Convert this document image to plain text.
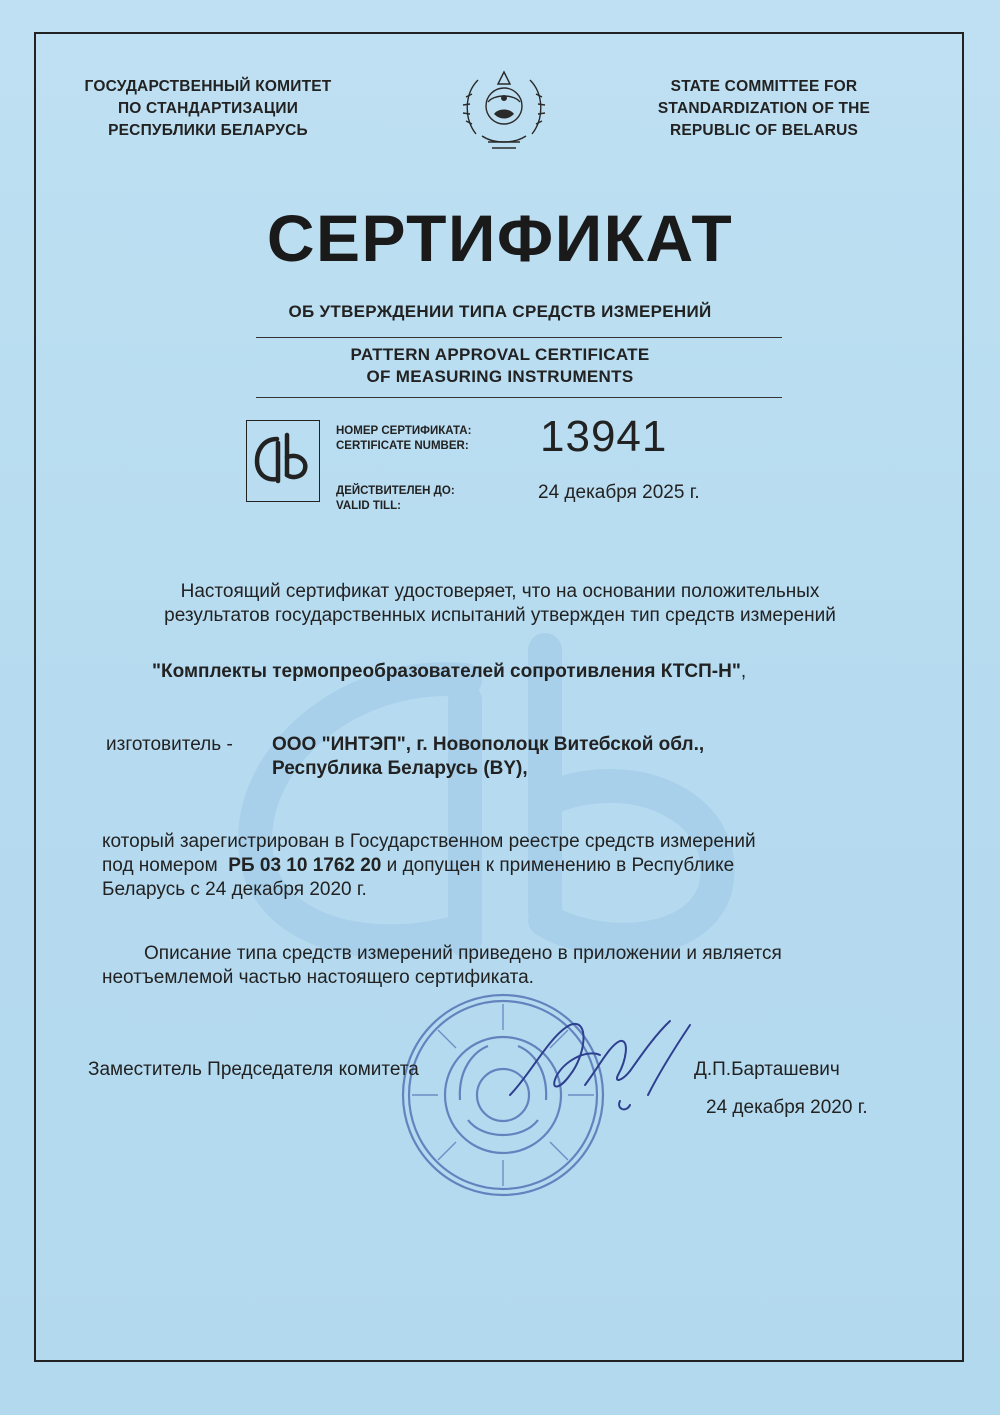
ГОСУДАРСТВЕННЫЙ КОМИТЕТ
ПО СТАНДАРТИЗАЦИИ
РЕСПУБЛИКИ БЕЛАРУСЬ
STATE COMMITTEE FOR
STANDARDIZATION OF THE
REPUBLIC OF BELARUS
СЕРТИФИКАТ
ОБ УТВЕРЖДЕНИИ ТИПА СРЕДСТВ ИЗМЕРЕНИЙ
PATTERN APPROVAL CERTIFICATE
OF MEASURING INSTRUMENTS
НОМЕР СЕРТИФИКАТА:
CERTIFICATE NUMBER: 13941
ДЕЙСТВИТЕЛЕН ДО:
VALID TILL:
24 декабря 2025 г.
Настоящий сертификат удостоверяет, что на основании положительных
результатов государственных испытаний утвержден тип средств измерений
"Комплекты термопреобразователей сопротивления КТСП-Н",
изготовитель - ООО "ИНТЭП", г. Новополоцк Витебской обл.,
Республика Беларусь (BY),
который зарегистрирован в Государственном реестре средств измерений
под номером РБ 03 10 1762 20 и допущен к применению в Республике
Беларусь с 24 декабря 2020 г.
Описание типа средств измерений приведено в приложении и является
неотъемлемой частью настоящего сертификата.
Заместитель Председателя комитета	Д.П.Барташевич
24 декабря 2020 г.
